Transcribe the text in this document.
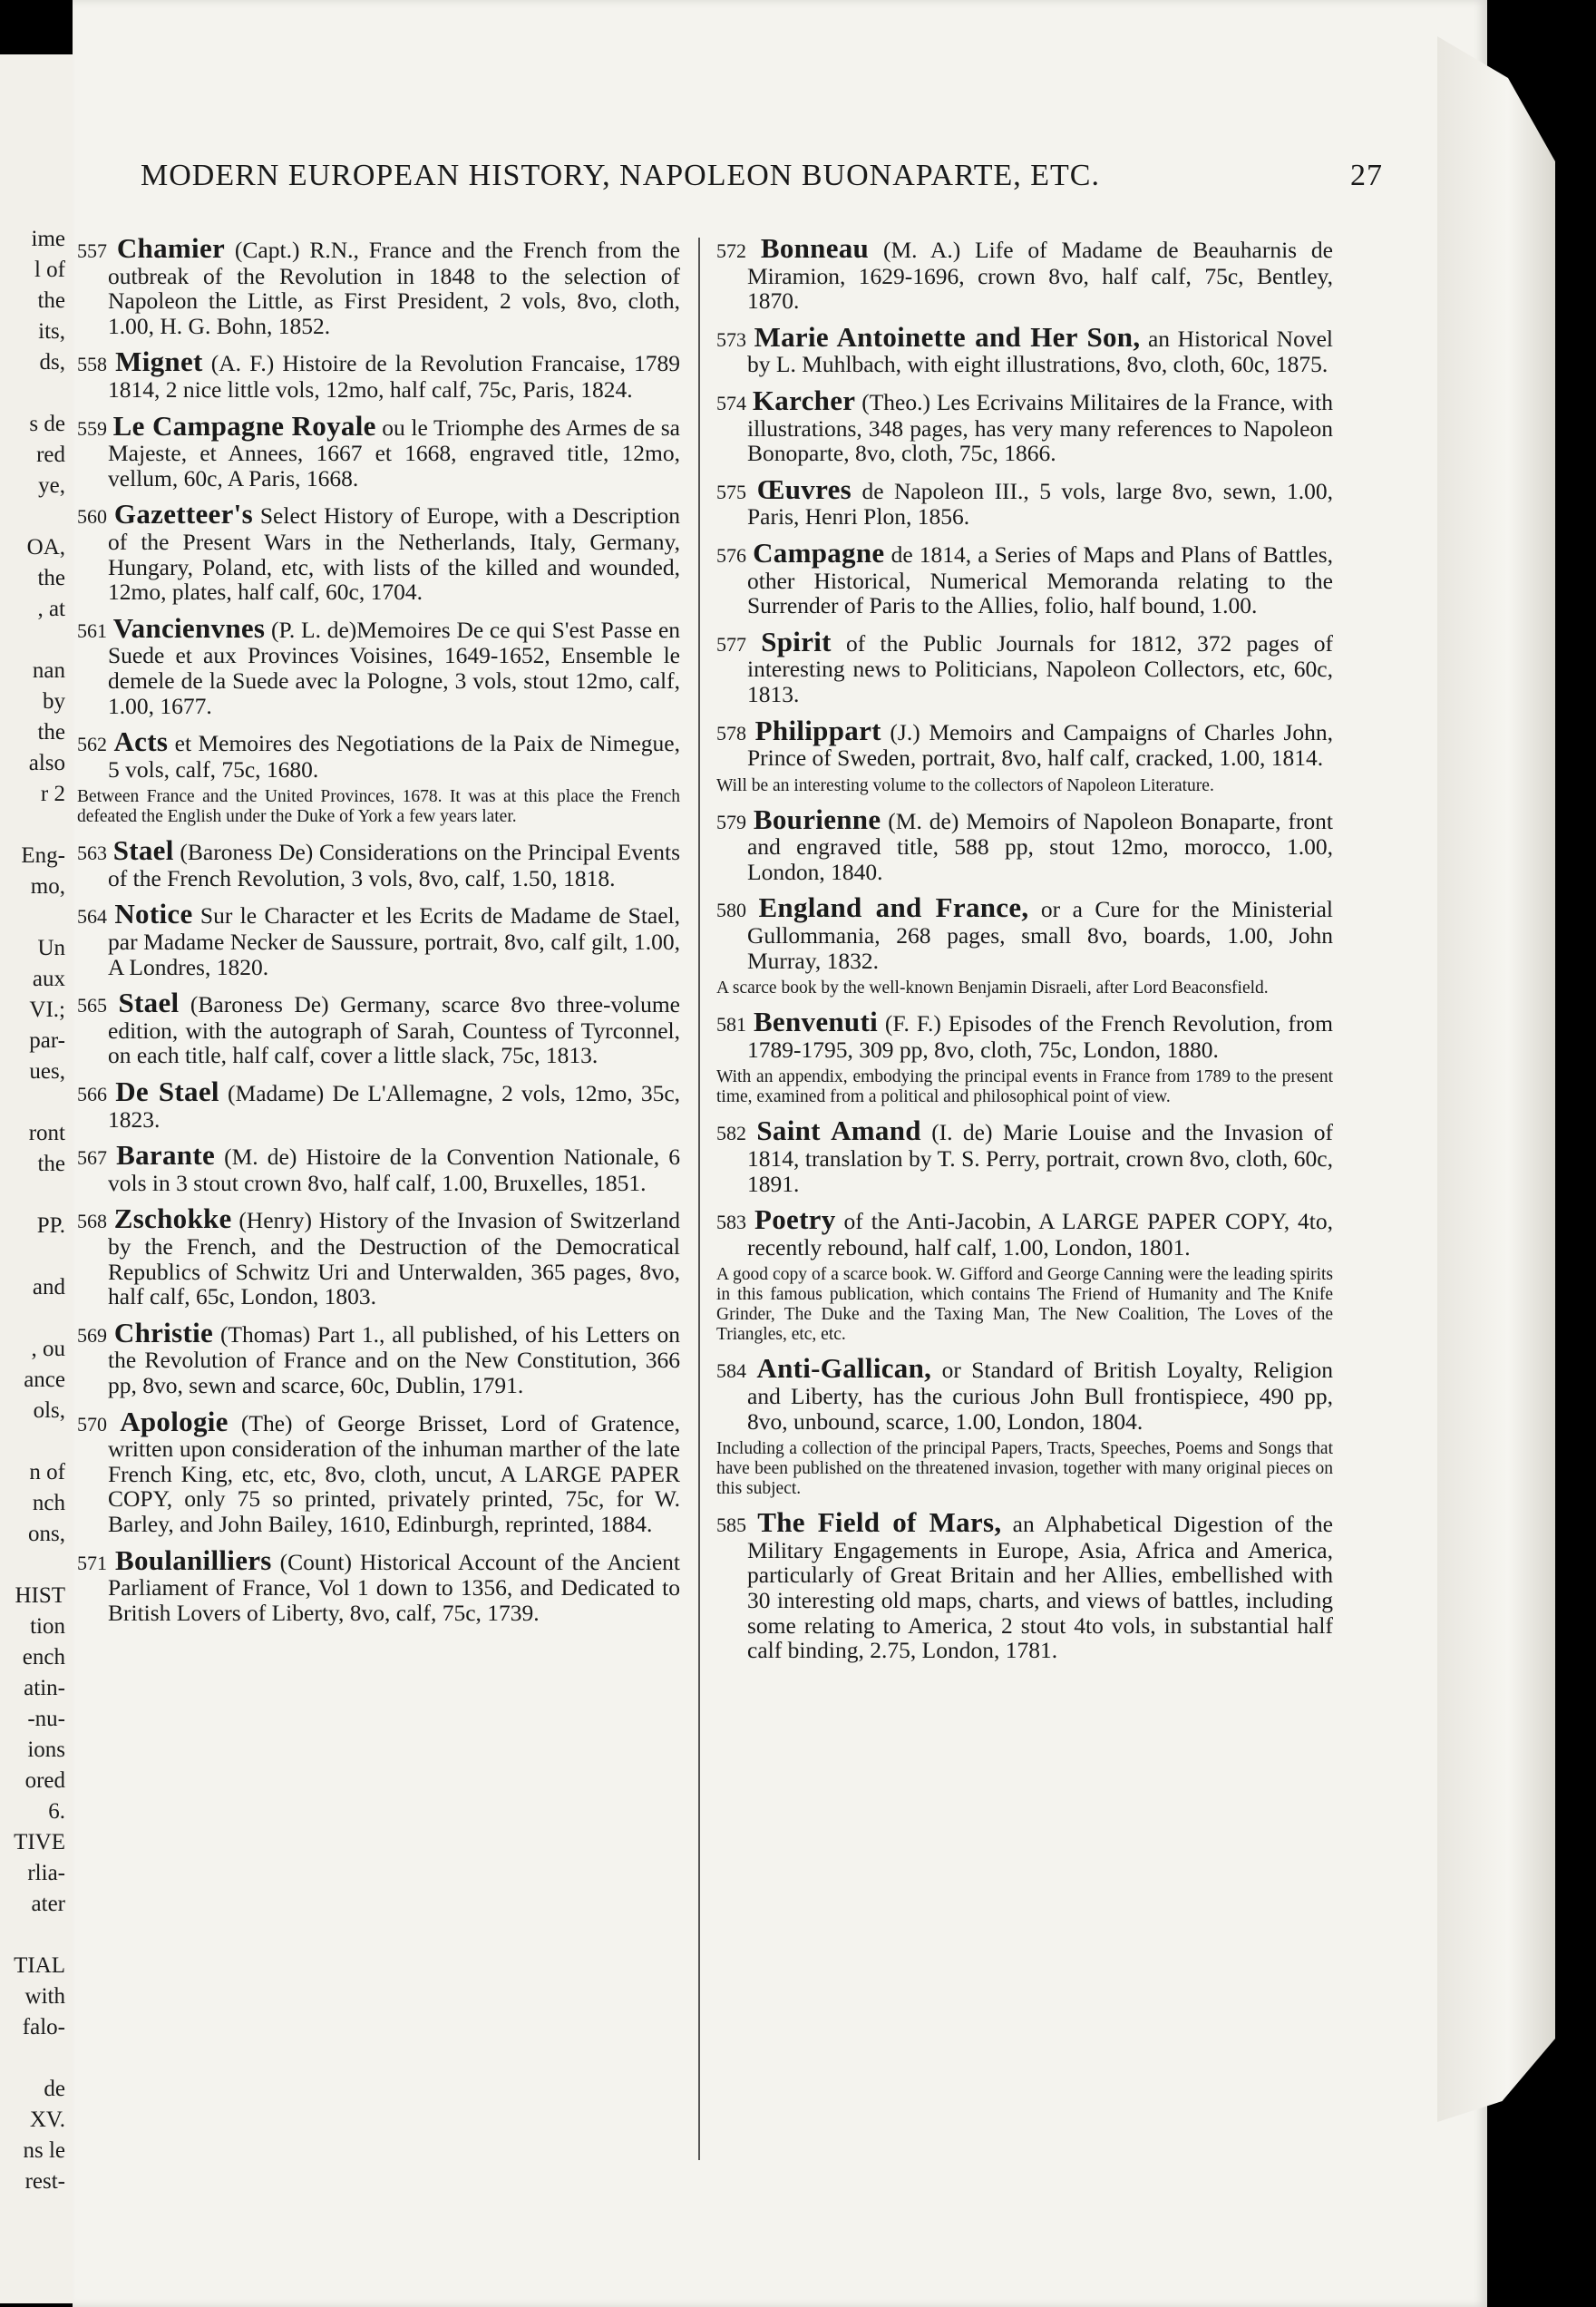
ime
l of
the
its,
ds,
s de
red
ye,
OA,
the
, at
nan
by
the
also
r 2
Eng-
mo,
Un
aux
VI.;
par-
ues,
ront
the
PP.
and
, ou
ance
ols,
n of
nch
ons,
HIST
tion
ench
atin-
-nu-
ions
ored
6.
TIVE
rlia-
ater
TIAL
with
falo-
de
XV.
ns le
rest-
MODERN EUROPEAN HISTORY, NAPOLEON BUONAPARTE, ETC.	27
557 Chamier (Capt.) R.N., France and the French from the outbreak of the Revolution in 1848 to the selection of Napoleon the Little, as First President, 2 vols, 8vo, cloth, 1.00, H. G. Bohn, 1852.
558 Mignet (A. F.) Histoire de la Revolution Francaise, 1789 1814, 2 nice little vols, 12mo, half calf, 75c, Paris, 1824.
559 Le Campagne Royale ou le Triomphe des Armes de sa Majeste, et Annees, 1667 et 1668, engraved title, 12mo, vellum, 60c, A Paris, 1668.
560 Gazetteer's Select History of Europe, with a Description of the Present Wars in the Netherlands, Italy, Germany, Hungary, Poland, etc, with lists of the killed and wounded, 12mo, plates, half calf, 60c, 1704.
561 Vancienvnes (P. L. de)Memoires De ce qui S'est Passe en Suede et aux Provinces Voisines, 1649-1652, Ensemble le demele de la Suede avec la Pologne, 3 vols, stout 12mo, calf, 1.00, 1677.
562 Acts et Memoires des Negotiations de la Paix de Nimegue, 5 vols, calf, 75c, 1680.
Between France and the United Provinces, 1678. It was at this place the French defeated the English under the Duke of York a few years later.
563 Stael (Baroness De) Considerations on the Principal Events of the French Revolution, 3 vols, 8vo, calf, 1.50, 1818.
564 Notice Sur le Character et les Ecrits de Madame de Stael, par Madame Necker de Saussure, portrait, 8vo, calf gilt, 1.00, A Londres, 1820.
565 Stael (Baroness De) Germany, scarce 8vo three-volume edition, with the autograph of Sarah, Countess of Tyrconnel, on each title, half calf, cover a little slack, 75c, 1813.
566 De Stael (Madame) De L'Allemagne, 2 vols, 12mo, 35c, 1823.
567 Barante (M. de) Histoire de la Convention Nationale, 6 vols in 3 stout crown 8vo, half calf, 1.00, Bruxelles, 1851.
568 Zschokke (Henry) History of the Invasion of Switzerland by the French, and the Destruction of the Democratical Republics of Schwitz Uri and Unterwalden, 365 pages, 8vo, half calf, 65c, London, 1803.
569 Christie (Thomas) Part 1., all published, of his Letters on the Revolution of France and on the New Constitution, 366 pp, 8vo, sewn and scarce, 60c, Dublin, 1791.
570 Apologie (The) of George Brisset, Lord of Gratence, written upon consideration of the inhuman marther of the late French King, etc, etc, 8vo, cloth, uncut, A LARGE PAPER COPY, only 75 so printed, privately printed, 75c, for W. Barley, and John Bailey, 1610, Edinburgh, reprinted, 1884.
571 Boulanilliers (Count) Historical Account of the Ancient Parliament of France, Vol 1 down to 1356, and Dedicated to British Lovers of Liberty, 8vo, calf, 75c, 1739.
572 Bonneau (M. A.) Life of Madame de Beauharnis de Miramion, 1629-1696, crown 8vo, half calf, 75c, Bentley, 1870.
573 Marie Antoinette and Her Son, an Historical Novel by L. Muhlbach, with eight illustrations, 8vo, cloth, 60c, 1875.
574 Karcher (Theo.) Les Ecrivains Militaires de la France, with illustrations, 348 pages, has very many references to Napoleon Bonoparte, 8vo, cloth, 75c, 1866.
575 Œuvres de Napoleon III., 5 vols, large 8vo, sewn, 1.00, Paris, Henri Plon, 1856.
576 Campagne de 1814, a Series of Maps and Plans of Battles, other Historical, Numerical Memoranda relating to the Surrender of Paris to the Allies, folio, half bound, 1.00.
577 Spirit of the Public Journals for 1812, 372 pages of interesting news to Politicians, Napoleon Collectors, etc, 60c, 1813.
578 Philippart (J.) Memoirs and Campaigns of Charles John, Prince of Sweden, portrait, 8vo, half calf, cracked, 1.00, 1814.
Will be an interesting volume to the collectors of Napoleon Literature.
579 Bourienne (M. de) Memoirs of Napoleon Bonaparte, front and engraved title, 588 pp, stout 12mo, morocco, 1.00, London, 1840.
580 England and France, or a Cure for the Ministerial Gullommania, 268 pages, small 8vo, boards, 1.00, John Murray, 1832.
A scarce book by the well-known Benjamin Disraeli, after Lord Beaconsfield.
581 Benvenuti (F. F.) Episodes of the French Revolution, from 1789-1795, 309 pp, 8vo, cloth, 75c, London, 1880.
With an appendix, embodying the principal events in France from 1789 to the present time, examined from a political and philosophical point of view.
582 Saint Amand (I. de) Marie Louise and the Invasion of 1814, translation by T. S. Perry, portrait, crown 8vo, cloth, 60c, 1891.
583 Poetry of the Anti-Jacobin, A LARGE PAPER COPY, 4to, recently rebound, half calf, 1.00, London, 1801.
A good copy of a scarce book. W. Gifford and George Canning were the leading spirits in this famous publication, which contains The Friend of Humanity and The Knife Grinder, The Duke and the Taxing Man, The New Coalition, The Loves of the Triangles, etc, etc.
584 Anti-Gallican, or Standard of British Loyalty, Religion and Liberty, has the curious John Bull frontispiece, 490 pp, 8vo, unbound, scarce, 1.00, London, 1804.
Including a collection of the principal Papers, Tracts, Speeches, Poems and Songs that have been published on the threatened invasion, together with many original pieces on this subject.
585 The Field of Mars, an Alphabetical Digestion of the Military Engagements in Europe, Asia, Africa and America, particularly of Great Britain and her Allies, embellished with 30 interesting old maps, charts, and views of battles, including some relating to America, 2 stout 4to vols, in substantial half calf binding, 2.75, London, 1781.
